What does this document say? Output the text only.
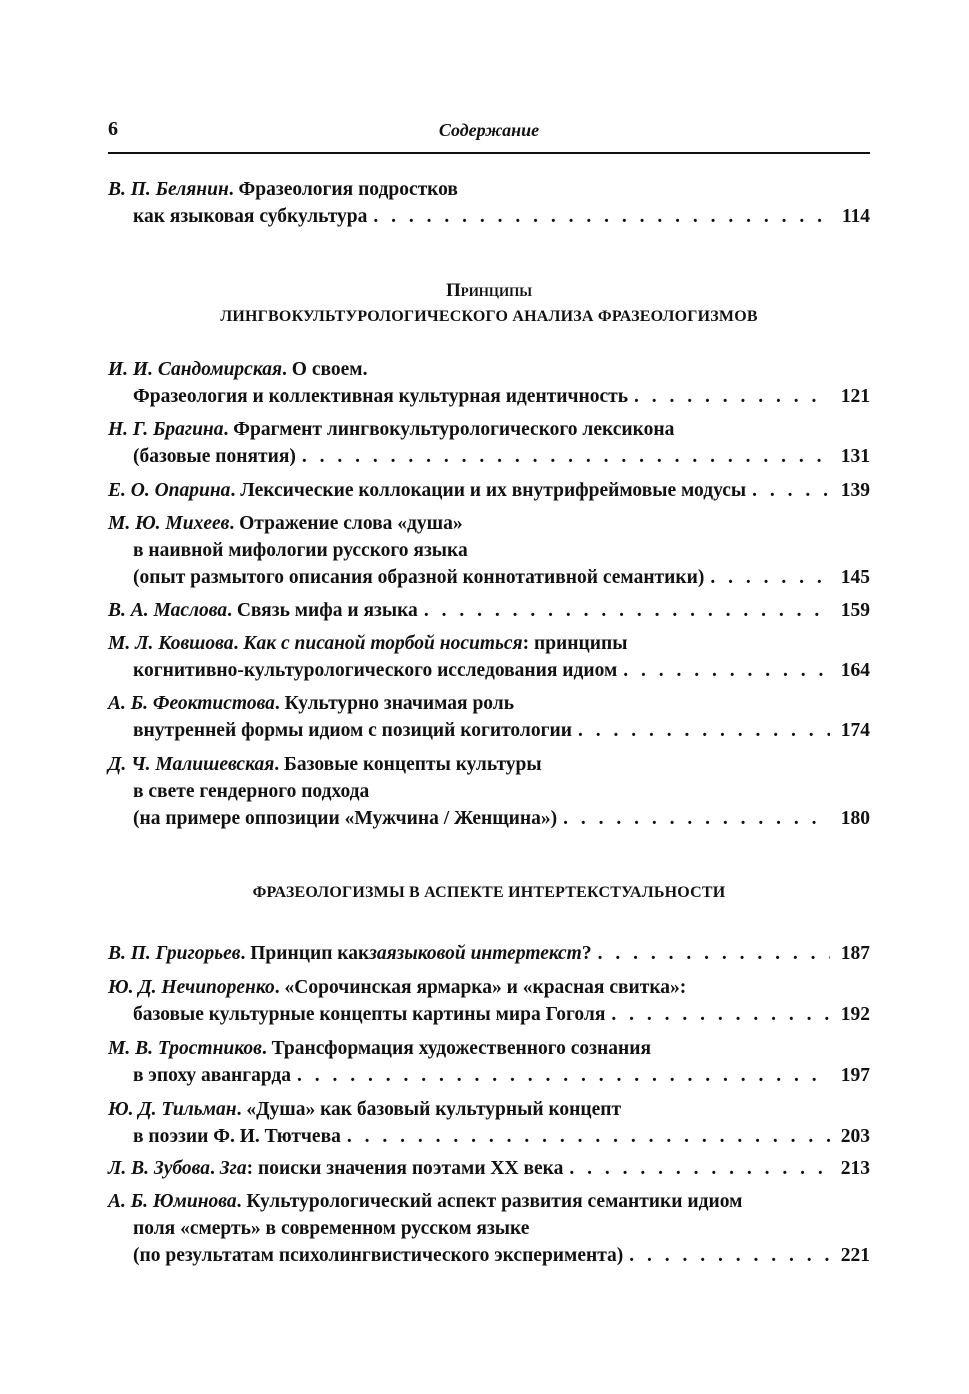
6	Содержание
В. П. Белянин . Фразеология подростков
как языковая субкультура . . .	114
Принципы
ЛИНГВОКУЛЬТУРОЛОГИЧЕСКОГО АНАЛИЗА ФРАЗЕОЛОГИЗМОВ
И. И. Сандомирская . О своем.
Фразеология и коллективная культурная идентичность . . .	121
Н. Г. Брагина . Фрагмент лингвокультурологического лексикона
(базовые понятия) . . .	131
Е. О. Опарина . Лексические коллокации и их внутрифреймовые модусы . . .	139
М. Ю. Михеев . Отражение слова «душа»
в наивной мифологии русского языка
(опыт размытого описания образной коннотативной семантики) . . .	145
В. А. Маслова . Связь мифа и языка . . .	159
М. Л. Ковшова . Как с писаной торбой носиться : принципы
когнитивно-культурологического исследования идиом . . .	164
А. Б. Феоктистова . Культурно значимая роль
внутренней формы идиом с позиций когитологии . . .	174
Д. Ч. Малишевская . Базовые концепты культуры
в свете гендерного подхода
(на примере оппозиции «Мужчина / Женщина») . . .	180
ФРАЗЕОЛОГИЗМЫ В АСПЕКТЕ ИНТЕРТЕКСТУАЛЬНОСТИ
В. П. Григорьев . Принцип как заязыковой интертекст ? . . .	187
Ю. Д. Нечипоренко . «Сорочинская ярмарка» и «красная свитка»:
базовые культурные концепты картины мира Гоголя . . .	192
М. В. Тростников . Трансформация художественного сознания
в эпоху авангарда . . .	197
Ю. Д. Тильман . «Душа» как базовый культурный концепт
в поэзии Ф. И. Тютчева . . .	203
Л. В. Зубова . Зга : поиски значения поэтами XX века . . .	213
А. Б. Юминова . Культурологический аспект развития семантики идиом
поля «смерть» в современном русском языке
(по результатам психолингвистического эксперимента) . . .	221
